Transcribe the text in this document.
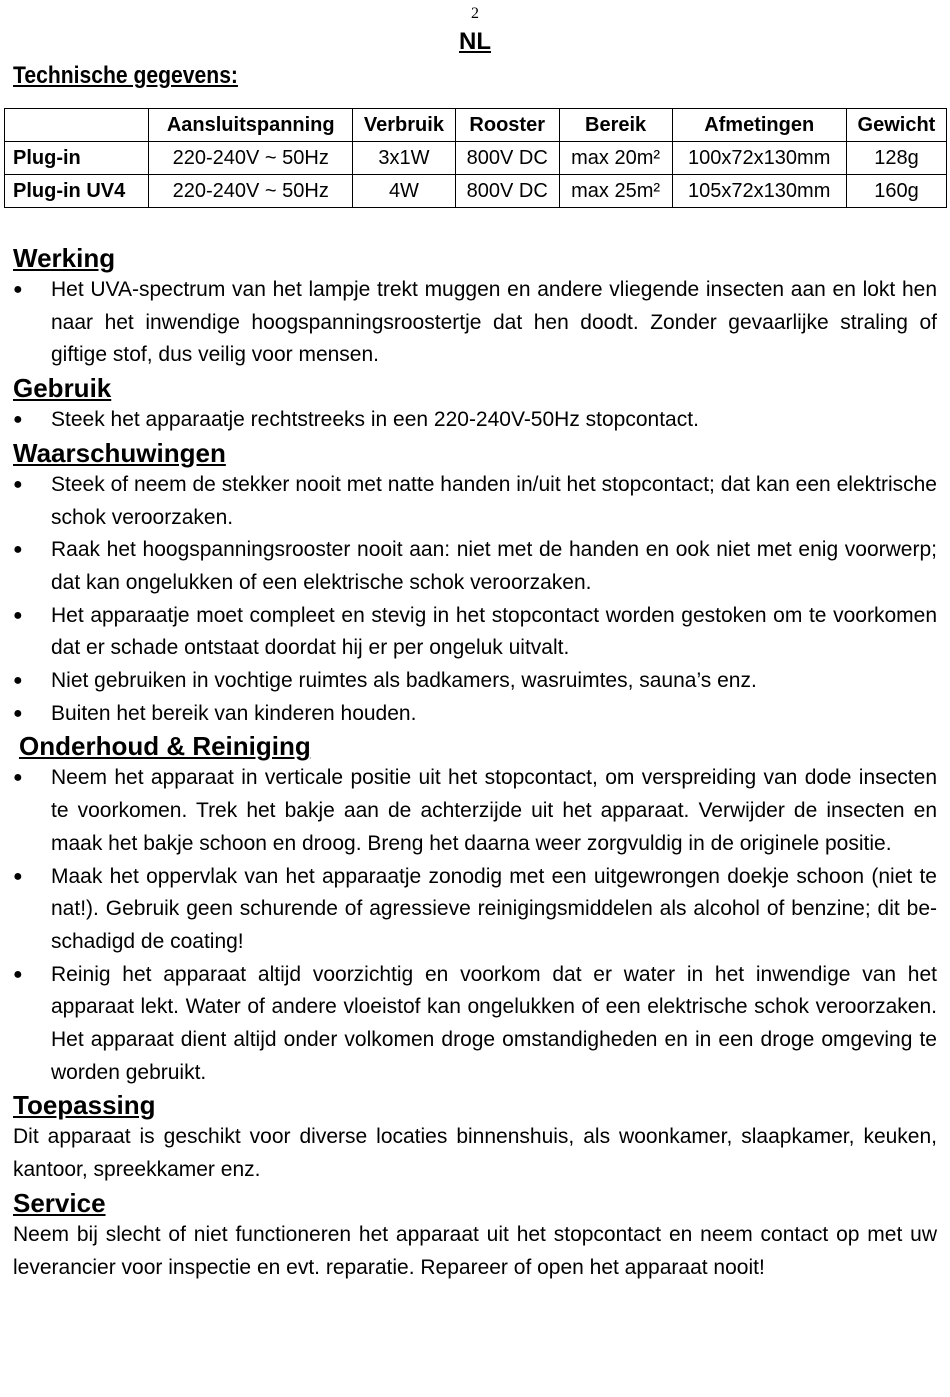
2
NL
Technische gegevens:
	Aansluitspanning	Verbruik	Rooster	Bereik	Afmetingen	Gewicht
Plug-in	220-240V ~ 50Hz	3x1W	800V DC	max 20m²	100x72x130mm	128g
Plug-in UV4	220-240V ~ 50Hz	4W	800V DC	max 25m²	105x72x130mm	160g
Werking
● Het UVA-spectrum van het lampje trekt muggen en andere vliegende insecten aan en lokt hen naar het inwendige hoogspanningsroostertje dat hen doodt. Zonder gevaarlijke straling of giftige stof, dus veilig voor mensen.
Gebruik
● Steek het apparaatje rechtstreeks in een 220-240V-50Hz stopcontact.
Waarschuwingen
● Steek of neem de stekker nooit met natte handen in/uit het stopcontact; dat kan een elektrische schok veroorzaken.
● Raak het hoogspanningsrooster nooit aan: niet met de handen en ook niet met enig voorwerp; dat kan ongelukken of een elektrische schok veroorzaken.
● Het apparaatje moet compleet en stevig in het stopcontact worden gestoken om te voorkomen dat er schade ontstaat doordat hij er per ongeluk uitvalt.
● Niet gebruiken in vochtige ruimtes als badkamers, wasruimtes, sauna’s enz.
● Buiten het bereik van kinderen houden.
Onderhoud & Reiniging
● Neem het apparaat in verticale positie uit het stopcontact, om verspreiding van dode insecten te voorkomen. Trek het bakje aan de achterzijde uit het apparaat. Verwijder de insecten en maak het bakje schoon en droog. Breng het daarna weer zorgvuldig in de originele positie.
● Maak het oppervlak van het apparaatje zonodig met een uitgewrongen doekje schoon (niet te nat!). Gebruik geen schurende of agressieve reinigingsmiddelen als alcohol of benzine; dit beschadigd de coating!
● Reinig het apparaat altijd voorzichtig en voorkom dat er water in het inwendige van het apparaat lekt. Water of andere vloeistof kan ongelukken of een elektrische schok veroorzaken. Het apparaat dient altijd onder volkomen droge omstandigheden en in een droge omgeving te worden gebruikt.
Toepassing

Dit apparaat is geschikt voor diverse locaties binnenshuis, als woonkamer, slaapkamer, keuken, kantoor, spreekkamer enz.

Service

Neem bij slecht of niet functioneren het apparaat uit het stopcontact en neem contact op met uw leverancier voor inspectie en evt. reparatie. Repareer of open het apparaat nooit!
